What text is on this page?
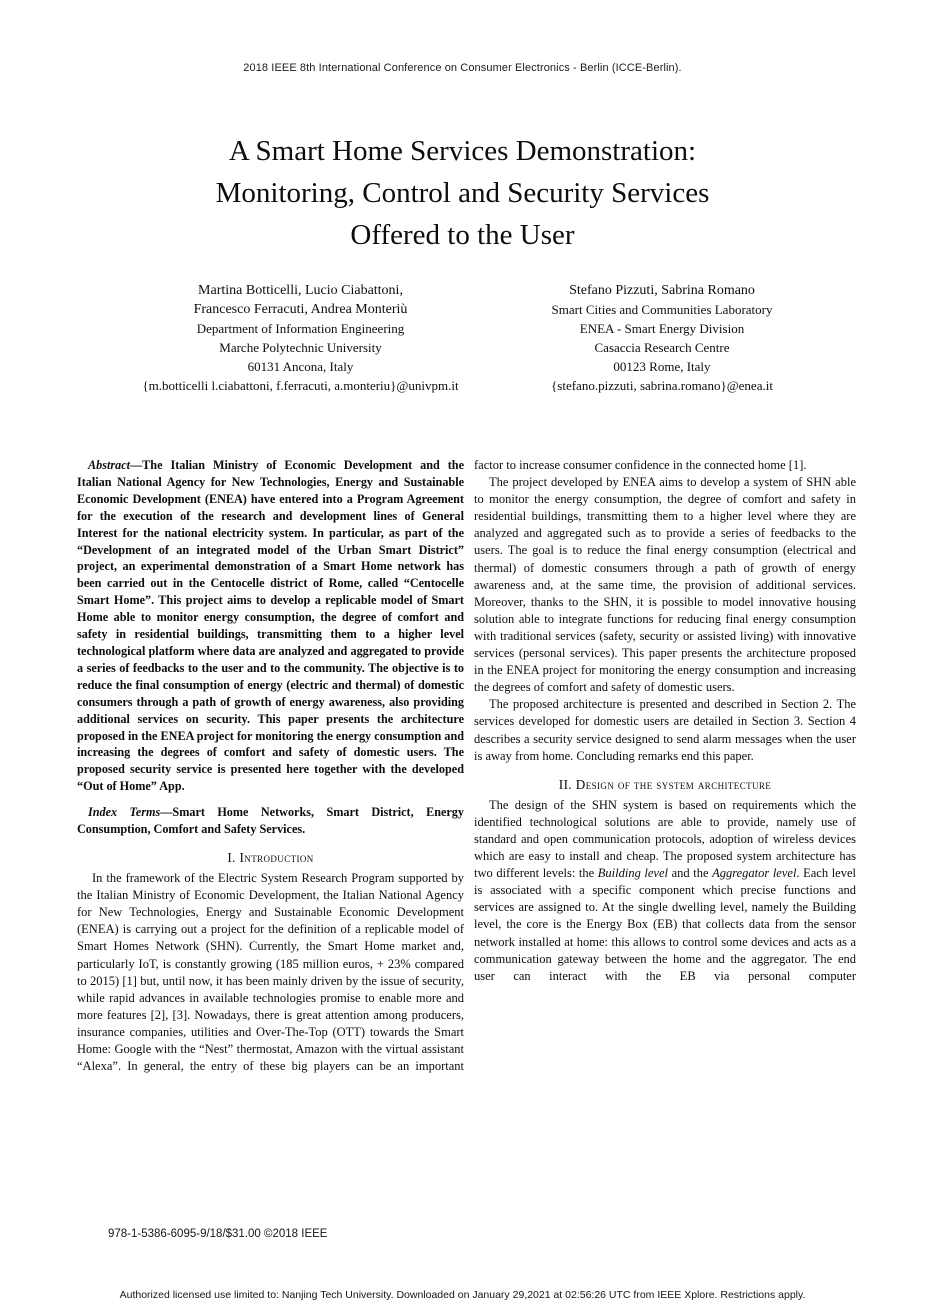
2018 IEEE 8th International Conference on Consumer Electronics - Berlin (ICCE-Berlin).
A Smart Home Services Demonstration:
Monitoring, Control and Security Services
Offered to the User
Martina Botticelli, Lucio Ciabattoni,
Francesco Ferracuti, Andrea Monteriù
Department of Information Engineering
Marche Polytechnic University
60131 Ancona, Italy
{m.botticelli l.ciabattoni, f.ferracuti, a.monteriu}@univpm.it
Stefano Pizzuti, Sabrina Romano
Smart Cities and Communities Laboratory
ENEA - Smart Energy Division
Casaccia Research Centre
00123 Rome, Italy
{stefano.pizzuti, sabrina.romano}@enea.it

Abstract—The Italian Ministry of Economic Development and the Italian National Agency for New Technologies, Energy and Sustainable Economic Development (ENEA) have entered into a Program Agreement for the execution of the research and development lines of General Interest for the national electricity system. In particular, as part of the “Development of an integrated model of the Urban Smart District” project, an experimental demonstration of a Smart Home network has been carried out in the Centocelle district of Rome, called “Centocelle Smart Home”. This project aims to develop a replicable model of Smart Home able to monitor energy consumption, the degree of comfort and safety in residential buildings, transmitting them to a higher level technological platform where data are analyzed and aggregated to provide a series of feedbacks to the user and to the community. The objective is to reduce the final consumption of energy (electric and thermal) of domestic consumers through a path of growth of energy awareness, also providing additional services on security. This paper presents the architecture proposed in the ENEA project for monitoring the energy consumption and increasing the degrees of comfort and safety of domestic users. The proposed security service is presented here together with the developed “Out of Home” App.

Index Terms—Smart Home Networks, Smart District, Energy Consumption, Comfort and Safety Services.

I. Introduction

In the framework of the Electric System Research Program supported by the Italian Ministry of Economic Development, the Italian National Agency for New Technologies, Energy and Sustainable Economic Development (ENEA) is carrying out a project for the definition of a replicable model of Smart Homes Network (SHN). Currently, the Smart Home market and, particularly IoT, is constantly growing (185 million euros, + 23% compared to 2015) [1] but, until now, it has been mainly driven by the issue of security, while rapid advances in available technologies promise to enable more and more features [2], [3]. Nowadays, there is great attention among producers, insurance companies, utilities and Over-The-Top (OTT) towards the Smart Home: Google with the “Nest” thermostat, Amazon with the virtual assistant “Alexa”. In general, the entry of these big players can be an important

factor to increase consumer confidence in the connected home [1].

The project developed by ENEA aims to develop a system of SHN able to monitor the energy consumption, the degree of comfort and safety in residential buildings, transmitting them to a higher level where they are analyzed and aggregated such as to provide a series of feedbacks to the users. The goal is to reduce the final energy consumption (electrical and thermal) of domestic consumers through a path of growth of energy awareness and, at the same time, the provision of additional services. Moreover, thanks to the SHN, it is possible to model innovative housing solution able to integrate functions for reducing final energy consumption with traditional services (safety, security or assisted living) with innovative services (personal services). This paper presents the architecture proposed in the ENEA project for monitoring the energy consumption and increasing the degrees of comfort and safety of domestic users.

The proposed architecture is presented and described in Section 2. The services developed for domestic users are detailed in Section 3. Section 4 describes a security service designed to send alarm messages when the user is away from home. Concluding remarks end this paper.

II. Design of the system architecture

The design of the SHN system is based on requirements which the identified technological solutions are able to provide, namely use of standard and open communication protocols, adoption of wireless devices which are easy to install and cheap. The proposed system architecture has two different levels: the Building level and the Aggregator level. Each level is associated with a specific component which precise functions and services are assigned to. At the single dwelling level, namely the Building level, the core is the Energy Box (EB) that collects data from the sensor network installed at home: this allows to control some devices and acts as a communication gateway between the home and the aggregator. The end user can interact with the EB via personal computer

978-1-5386-6095-9/18/$31.00 ©2018 IEEE
Authorized licensed use limited to: Nanjing Tech University. Downloaded on January 29,2021 at 02:56:26 UTC from IEEE Xplore. Restrictions apply.
